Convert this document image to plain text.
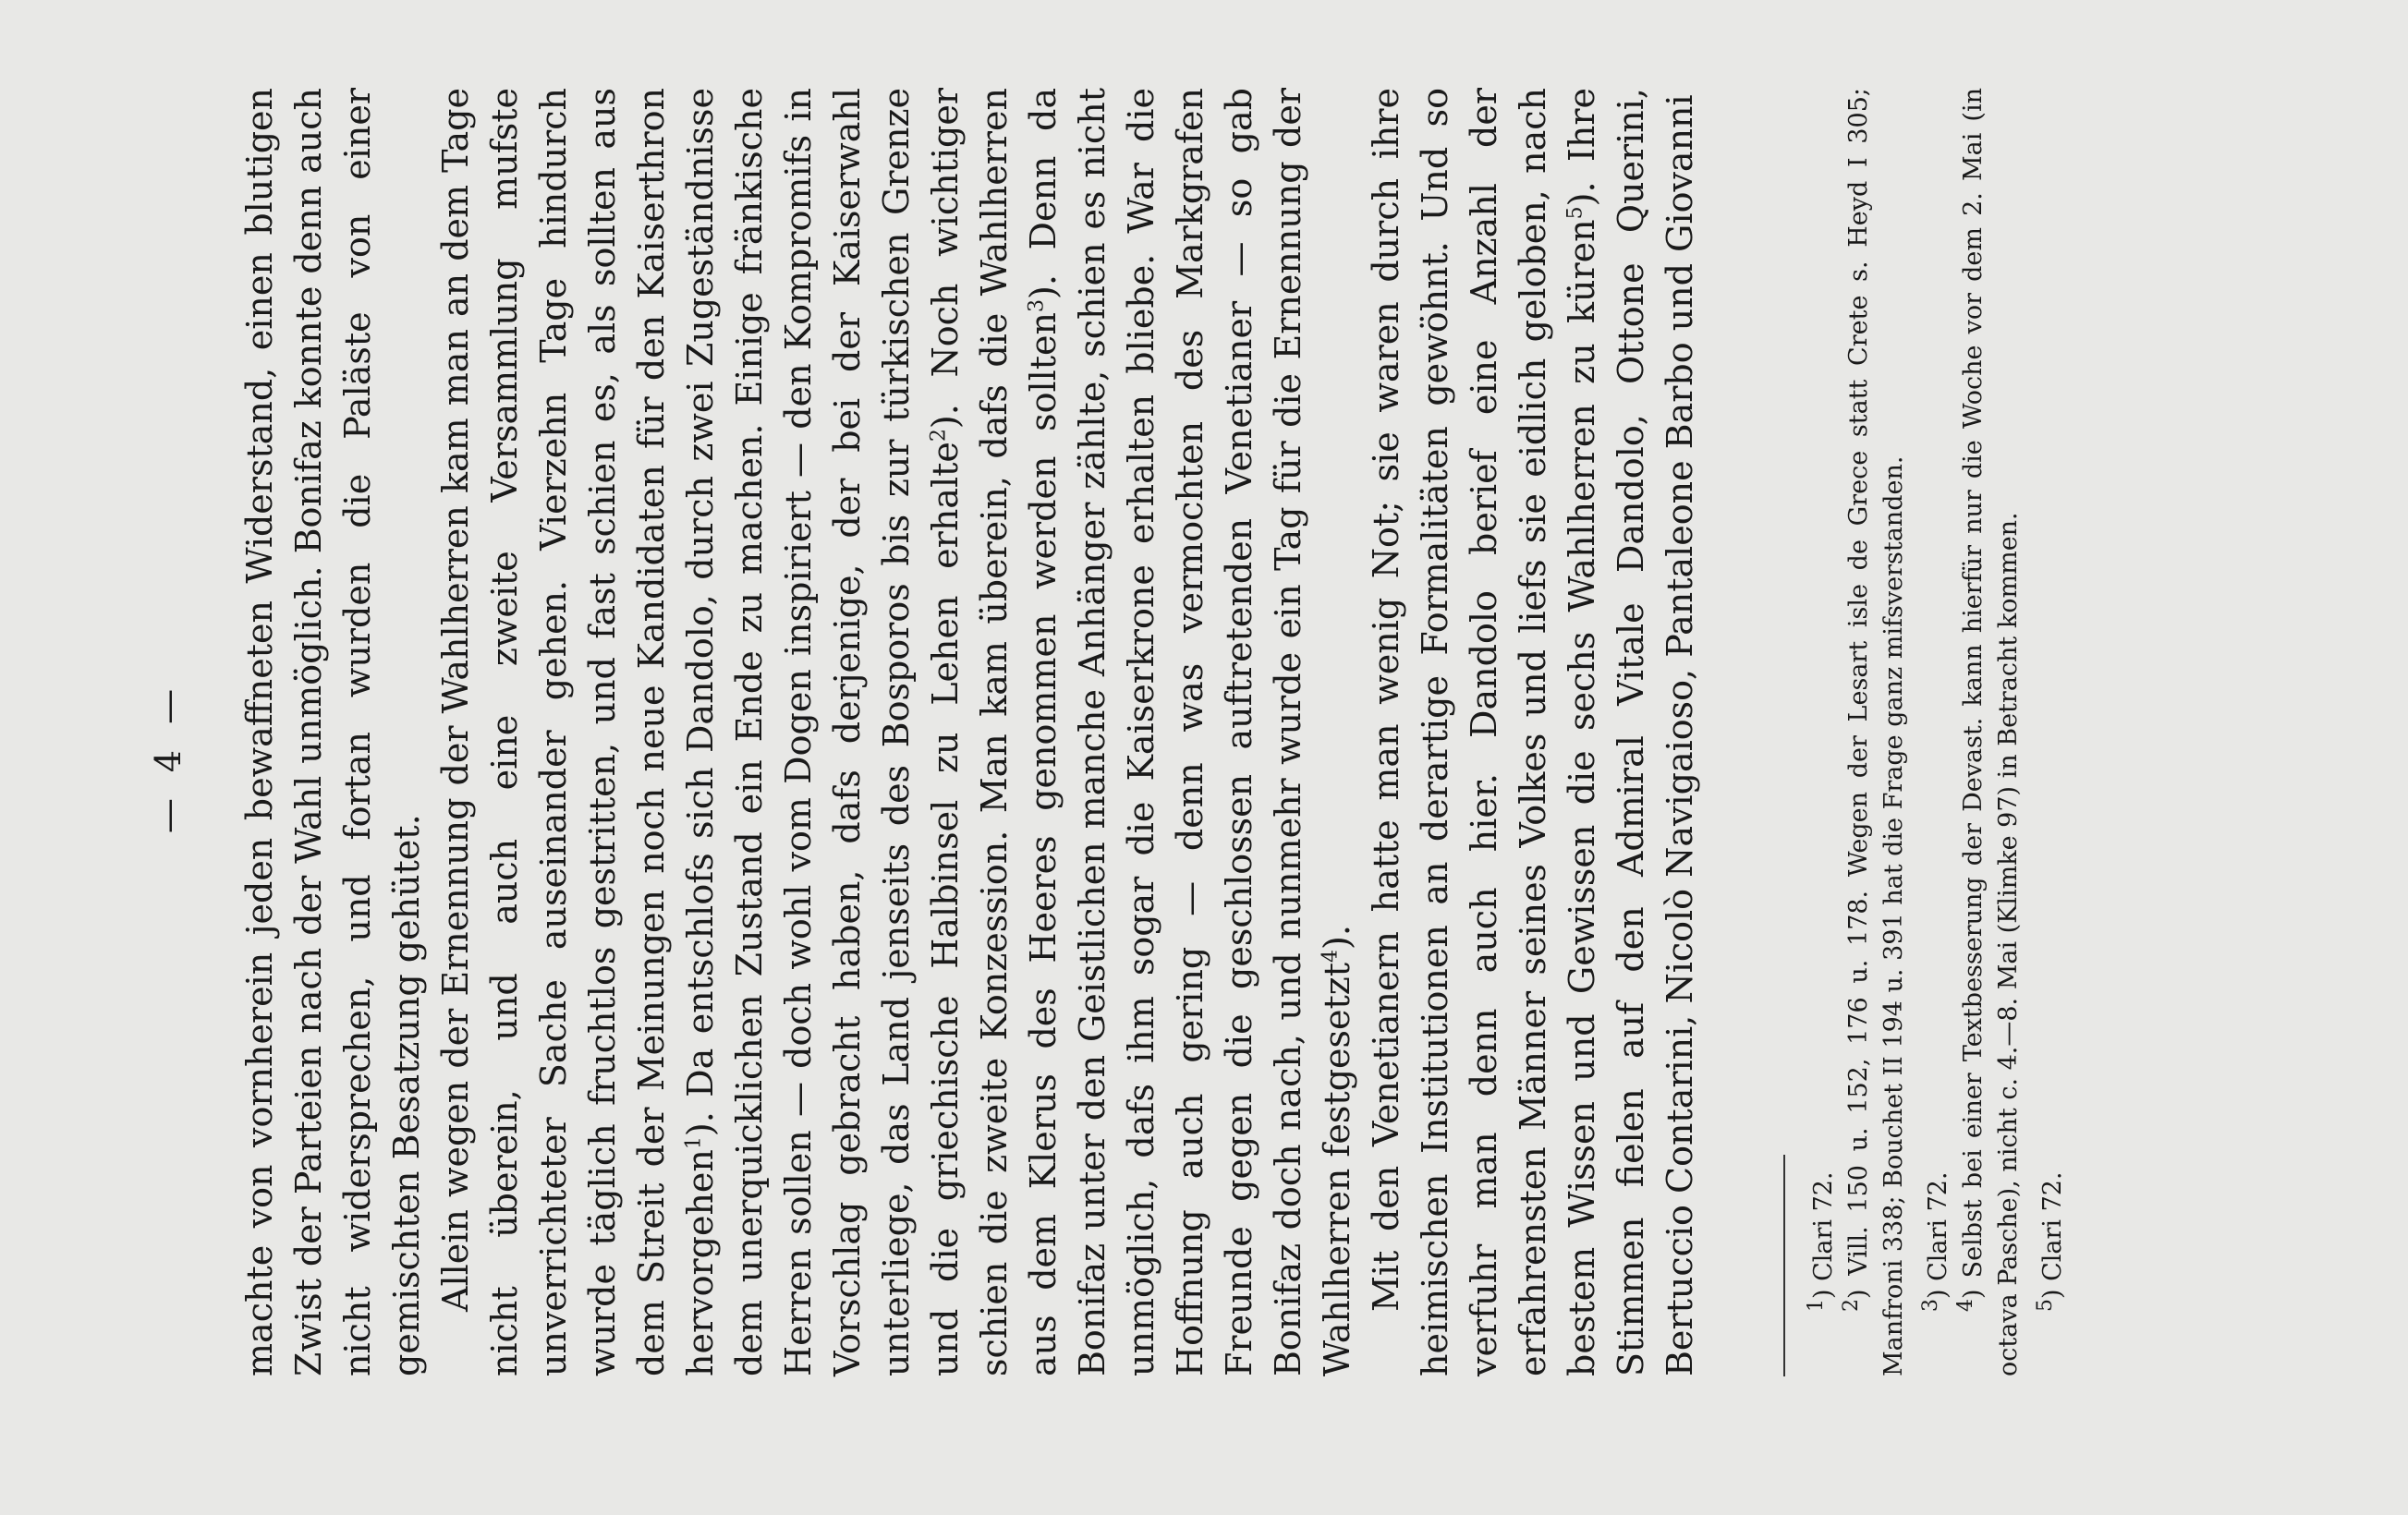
— 4 — machte von vornherein jeden bewaffneten Widerstand, einen blutigen Zwist der Parteien nach der Wahl unmöglich. Bonifaz konnte denn auch nicht widersprechen, und fortan wurden die Paläste von einer gemischten Besatzung gehütet. Allein wegen der Ernennung der Wahlherren kam man an dem Tage nicht überein, und auch eine zweite Versammlung mufste unverrichteter Sache auseinander gehen. Vierzehn Tage hindurch wurde täglich fruchtlos gestritten, und fast schien es, als sollten aus dem Streit der Meinungen noch neue Kandidaten für den Kaiserthron hervorgehen$^1$). Da entschlofs sich Dandolo, durch zwei Zugeständnisse dem unerquicklichen Zustand ein Ende zu machen. Einige fränkische Herren sollen — doch wohl vom Dogen inspiriert — den Kompromifs in Vorschlag gebracht haben, dafs derjenige, der bei der Kaiserwahl unterliege, das Land jenseits des Bosporos bis zur türkischen Grenze und die griechische Halbinsel zu Lehen erhalte$^2$). Noch wichtiger schien die zweite Konzession. Man kam überein, dafs die Wahlherren aus dem Klerus des Heeres genommen werden sollten$^3$). Denn da Bonifaz unter den Geistlichen manche Anhänger zählte, schien es nicht unmöglich, dafs ihm sogar die Kaiserkrone erhalten bliebe. War die Hoffnung auch gering — denn was vermochten des Markgrafen Freunde gegen die geschlossen auftretenden Venetianer — so gab Bonifaz doch nach, und nunmehr wurde ein Tag für die Ernennung der Wahlherren festgesetzt$^4$). Mit den Venetianern hatte man wenig Not; sie waren durch ihre heimischen Institutionen an derartige Formalitäten gewöhnt. Und so verfuhr man denn auch hier. Dandolo berief eine Anzahl der erfahrensten Männer seines Volkes und liefs sie eidlich geloben, nach bestem Wissen und Gewissen die sechs Wahlherren zu küren$^5$). Ihre Stimmen fielen auf den Admiral Vitale Dandolo, Ottone Querini, Bertuccio Contarini, Nicolò Navigaioso, Pantaleone Barbo und Giovanni	$^1$) Clari 72.
$^2$) Vill. 150 u. 152, 176 u. 178. Wegen der Lesart isle de Grece statt Crete s. Heyd I 305; Manfroni 338; Bouchet II 194 u. 391 hat die Frage ganz mifsverstanden. $^3$) Clari 72.
$^4$) Selbst bei einer Textbesserung der Devast. kann hierfür nur die Woche vor dem 2. Mai (in octava Pasche), nicht c. 4.—8. Mai (Klimke 97) in Betracht kommen. $^5$) Clari 72.
